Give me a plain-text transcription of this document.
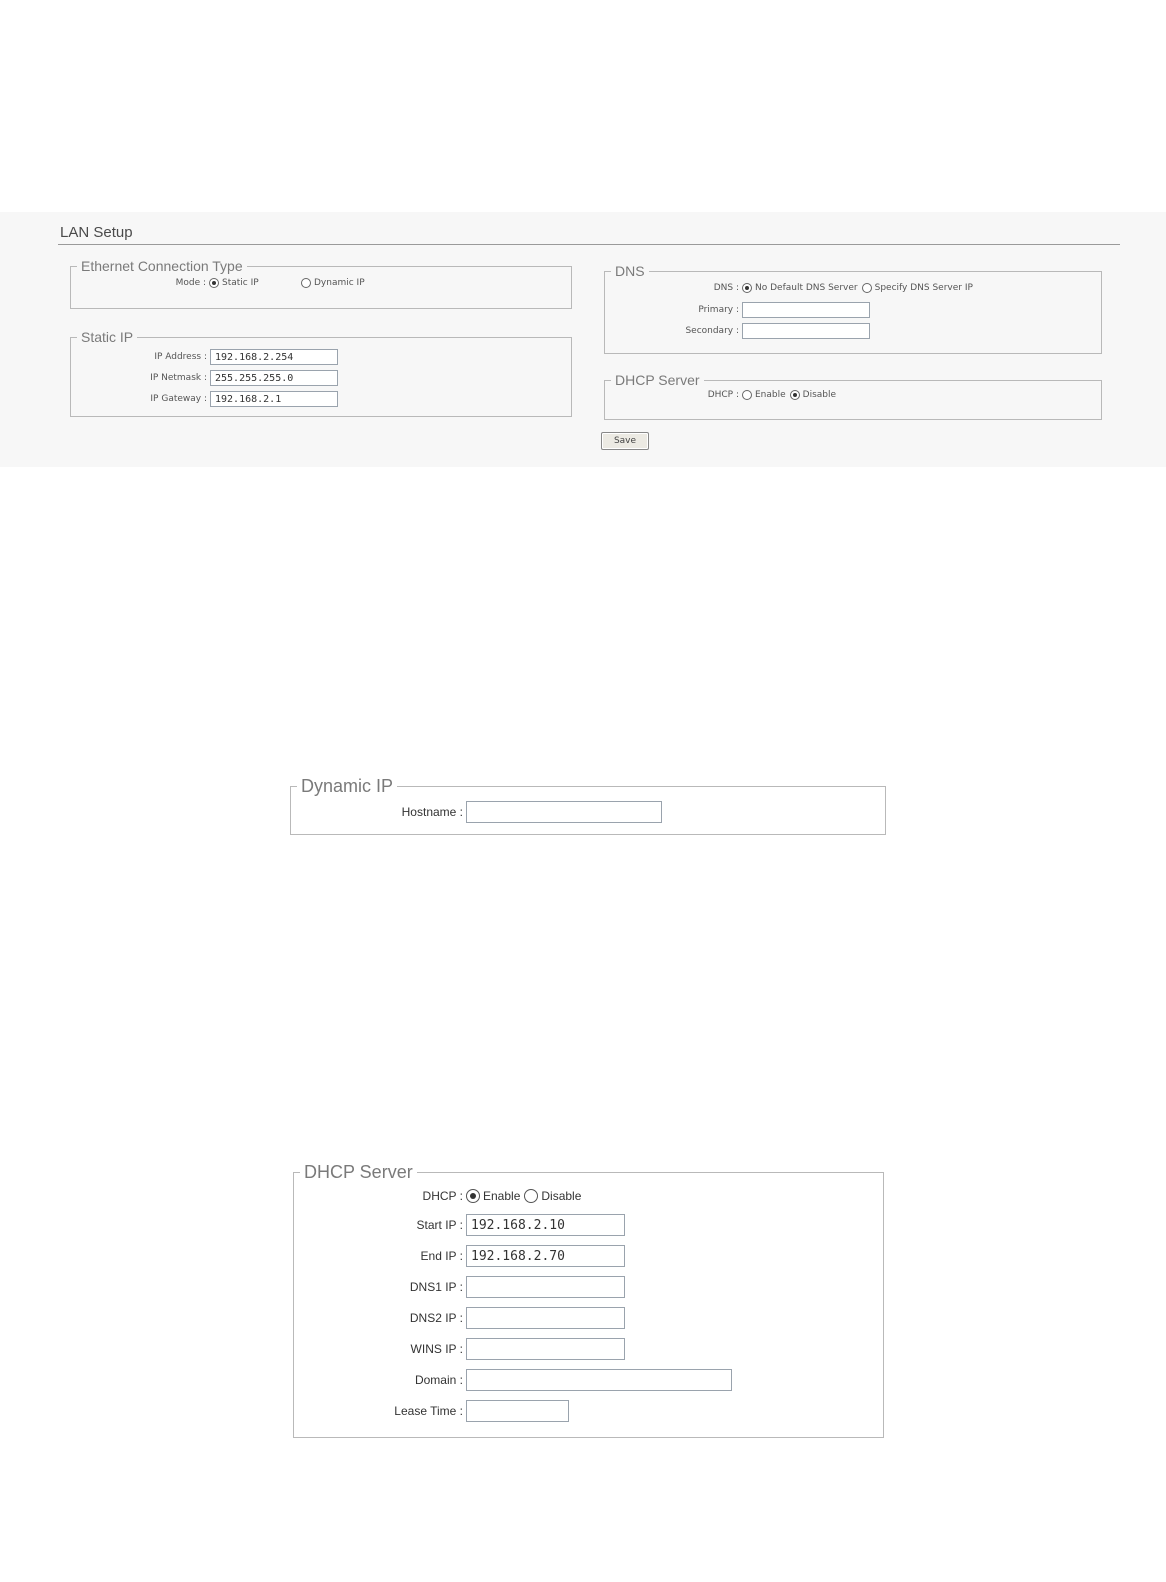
LAN Setup
Ethernet Connection Type
Mode :	Static IP	Dynamic IP
Static IP
IP Address :
192.168.2.254
IP Netmask :
255.255.255.0
IP Gateway :
192.168.2.1
DNS
DNS :	No Default DNS Server Specify DNS Server IP
Primary :
Secondary :
DHCP Server
DHCP :	Enable Disable
Save
Dynamic IP
Hostname :
DHCP Server
DHCP : Enable Disable
Start IP :
192.168.2.10
End IP :
192.168.2.70
DNS1 IP :
DNS2 IP :
WINS IP :
Domain :
Lease Time :
